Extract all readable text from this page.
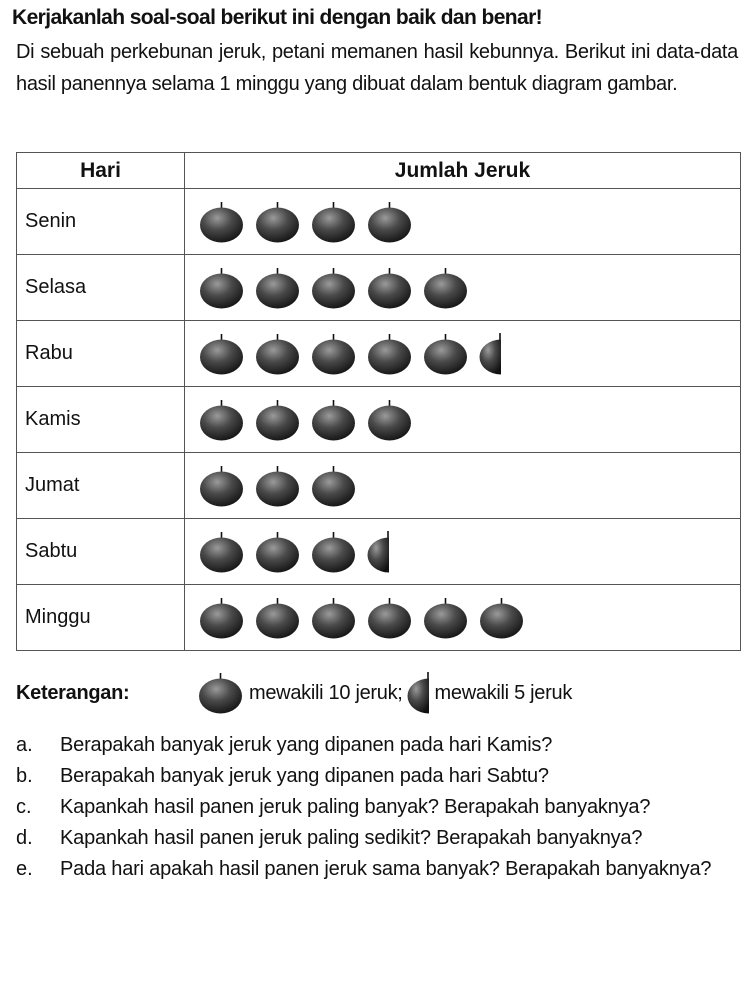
Kerjakanlah soal-soal berikut ini dengan baik dan benar!
Di sebuah perkebunan jeruk, petani memanen hasil kebunnya. Berikut ini data-data hasil panennya selama 1 minggu yang dibuat dalam bentuk diagram gambar.
Hari	Jumlah Jeruk
Senin	

Selasa	

Rabu	

Kamis	

Jumat	

Sabtu	

Minggu	
Keterangan:	mewakili 10 jeruk; mewakili 5 jeruk
a.	Berapakah banyak jeruk yang dipanen pada hari Kamis?
b.	Berapakah banyak jeruk yang dipanen pada hari Sabtu?
c.	Kapankah hasil panen jeruk paling banyak? Berapakah banyaknya?
d.	Kapankah hasil panen jeruk paling sedikit? Berapakah banyaknya?
e.	Pada hari apakah hasil panen jeruk sama banyak? Berapakah banyaknya?
